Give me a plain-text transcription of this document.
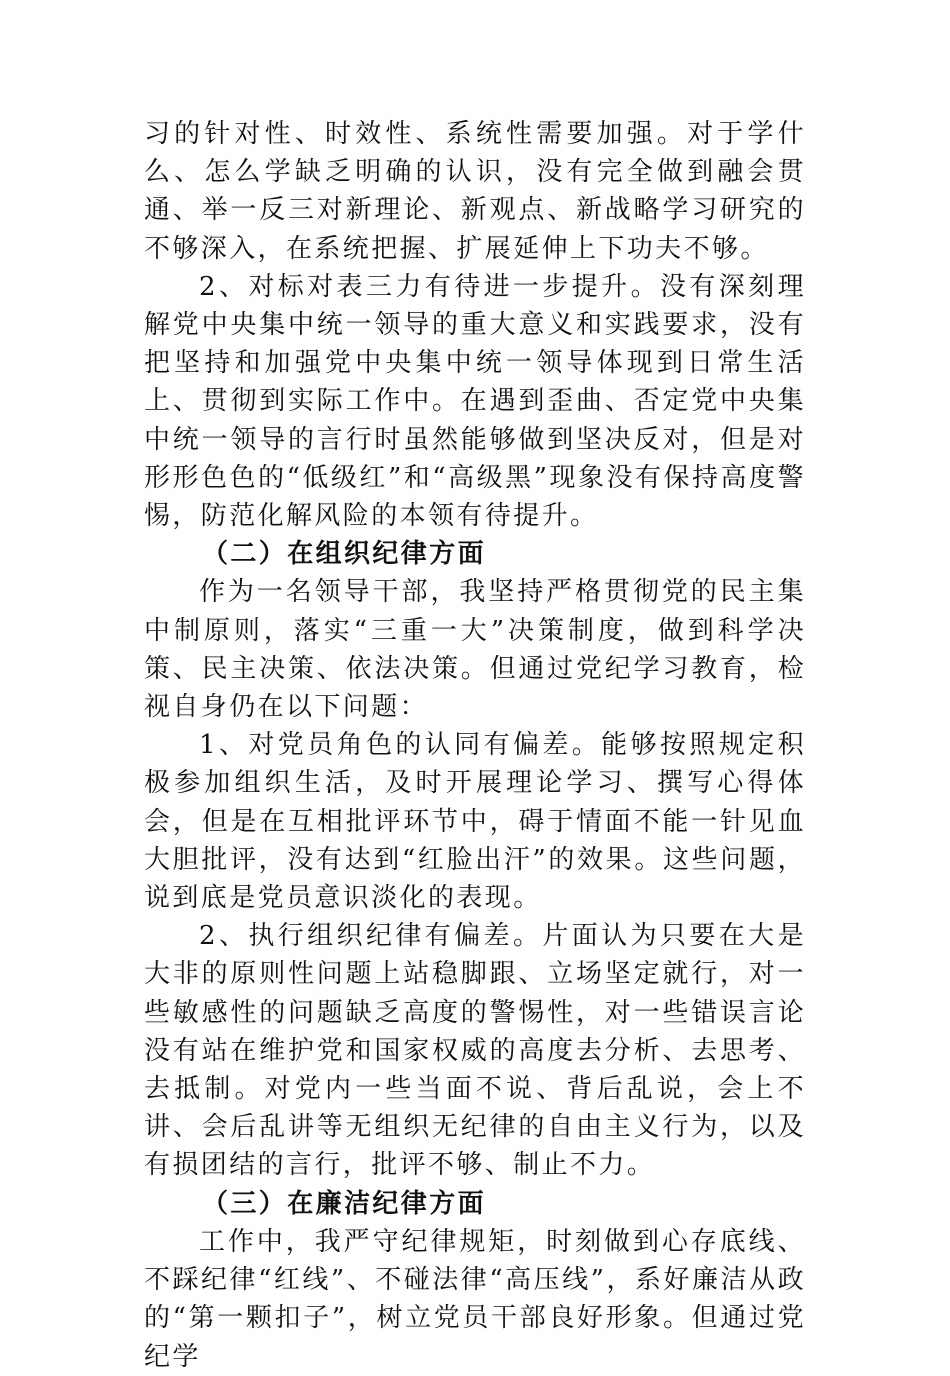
习的针对性、时效性、系统性需要加强。对于学什么、怎么学缺乏明确的认识，没有完全做到融会贯通、举一反三对新理论、新观点、新战略学习研究的不够深入，在系统把握、扩展延伸上下功夫不够。

2、对标对表三力有待进一步提升。没有深刻理解党中央集中统一领导的重大意义和实践要求，没有把坚持和加强党中央集中统一领导体现到日常生活上、贯彻到实际工作中。在遇到歪曲、否定党中央集中统一领导的言行时虽然能够做到坚决反对，但是对形形色色的“低级红”和“高级黑”现象没有保持高度警惕，防范化解风险的本领有待提升。

（二）在组织纪律方面

作为一名领导干部，我坚持严格贯彻党的民主集中制原则，落实“三重一大”决策制度，做到科学决策、民主决策、依法决策。但通过党纪学习教育，检视自身仍在以下问题：

1、对党员角色的认同有偏差。能够按照规定积极参加组织生活，及时开展理论学习、撰写心得体会，但是在互相批评环节中，碍于情面不能一针见血大胆批评，没有达到“红脸出汗”的效果。这些问题，说到底是党员意识淡化的表现。

2、执行组织纪律有偏差。片面认为只要在大是大非的原则性问题上站稳脚跟、立场坚定就行，对一些敏感性的问题缺乏高度的警惕性，对一些错误言论没有站在维护党和国家权威的高度去分析、去思考、去抵制。对党内一些当面不说、背后乱说，会上不讲、会后乱讲等无组织无纪律的自由主义行为，以及有损团结的言行，批评不够、制止不力。

（三）在廉洁纪律方面

工作中，我严守纪律规矩，时刻做到心存底线、不踩纪律“红线”、不碰法律“高压线”，系好廉洁从政的“第一颗扣子”，树立党员干部良好形象。但通过党纪学
